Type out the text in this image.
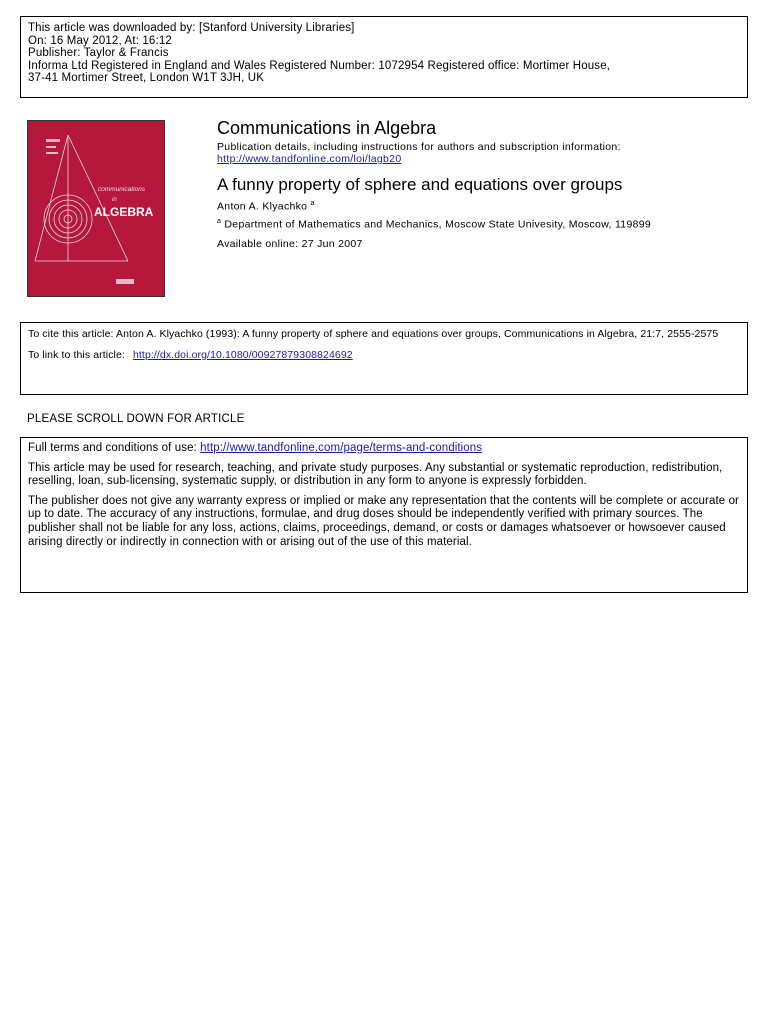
This article was downloaded by: [Stanford University Libraries]
On: 16 May 2012, At: 16:12
Publisher: Taylor & Francis
Informa Ltd Registered in England and Wales Registered Number: 1072954 Registered office: Mortimer House,
37-41 Mortimer Street, London W1T 3JH, UK
communications
in
ALGEBRA
Communications in Algebra
Publication details, including instructions for authors and subscription information:
http://www.tandfonline.com/loi/lagb20
A funny property of sphere and equations over groups
Anton A. Klyachko $^a$
$^a$ Department of Mathematics and Mechanics, Moscow State Univesity, Moscow, 119899
Available online: 27 Jun 2007
To cite this article: Anton A. Klyachko (1993): A funny property of sphere and equations over groups, Communications in Algebra, 21:7, 2555-2575
To link to this article: http://dx.doi.org/10.1080/00927879308824692
PLEASE SCROLL DOWN FOR ARTICLE

Full terms and conditions of use: http://www.tandfonline.com/page/terms-and-conditions

This article may be used for research, teaching, and private study purposes. Any substantial or systematic reproduction, redistribution, reselling, loan, sub-licensing, systematic supply, or distribution in any form to anyone is expressly forbidden.

The publisher does not give any warranty express or implied or make any representation that the contents will be complete or accurate or up to date. The accuracy of any instructions, formulae, and drug doses should be independently verified with primary sources. The publisher shall not be liable for any loss, actions, claims, proceedings, demand, or costs or damages whatsoever or howsoever caused arising directly or indirectly in connection with or arising out of the use of this material.
